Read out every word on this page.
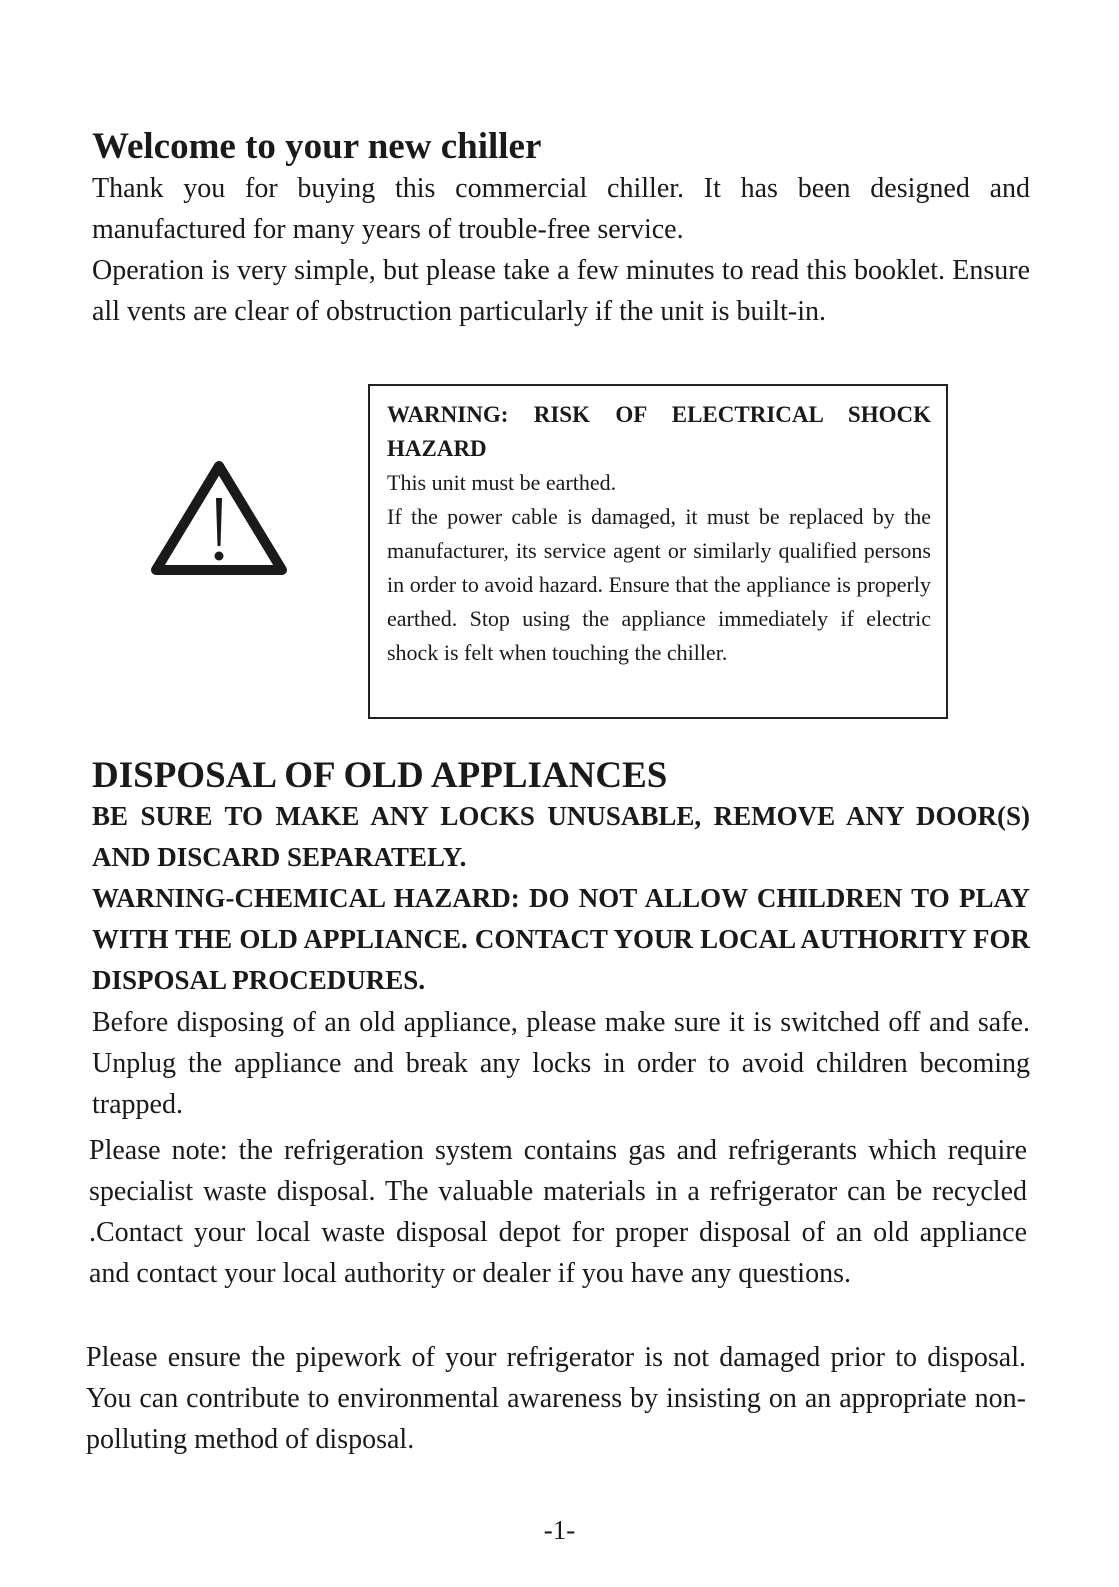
Welcome to your new chiller

Thank you for buying this commercial chiller. It has been designed and manufactured for many years of trouble-free service.

Operation is very simple, but please take a few minutes to read this booklet. Ensure all vents are clear of obstruction particularly if the unit is built-in.

WARNING: RISK OF ELECTRICAL SHOCK HAZARD
This unit must be earthed.
If the power cable is damaged, it must be replaced by the manufacturer, its service agent or similarly qualified persons in order to avoid hazard. Ensure that the appliance is properly earthed. Stop using the appliance immediately if electric shock is felt when touching the chiller.
DISPOSAL OF OLD APPLIANCES

BE SURE TO MAKE ANY LOCKS UNUSABLE, REMOVE ANY DOOR(S) AND DISCARD SEPARATELY.

WARNING-CHEMICAL HAZARD: DO NOT ALLOW CHILDREN TO PLAY WITH THE OLD APPLIANCE. CONTACT YOUR LOCAL AUTHORITY FOR DISPOSAL PROCEDURES.

Before disposing of an old appliance, please make sure it is switched off and safe. Unplug the appliance and break any locks in order to avoid children becoming trapped.

Please note: the refrigeration system contains gas and refrigerants which require specialist waste disposal. The valuable materials in a refrigerator can be recycled .Contact your local waste disposal depot for proper disposal of an old appliance and contact your local authority or dealer if you have any questions.

Please ensure the pipework of your refrigerator is not damaged prior to disposal. You can contribute to environmental awareness by insisting on an appropriate non-polluting method of disposal.

-1-
